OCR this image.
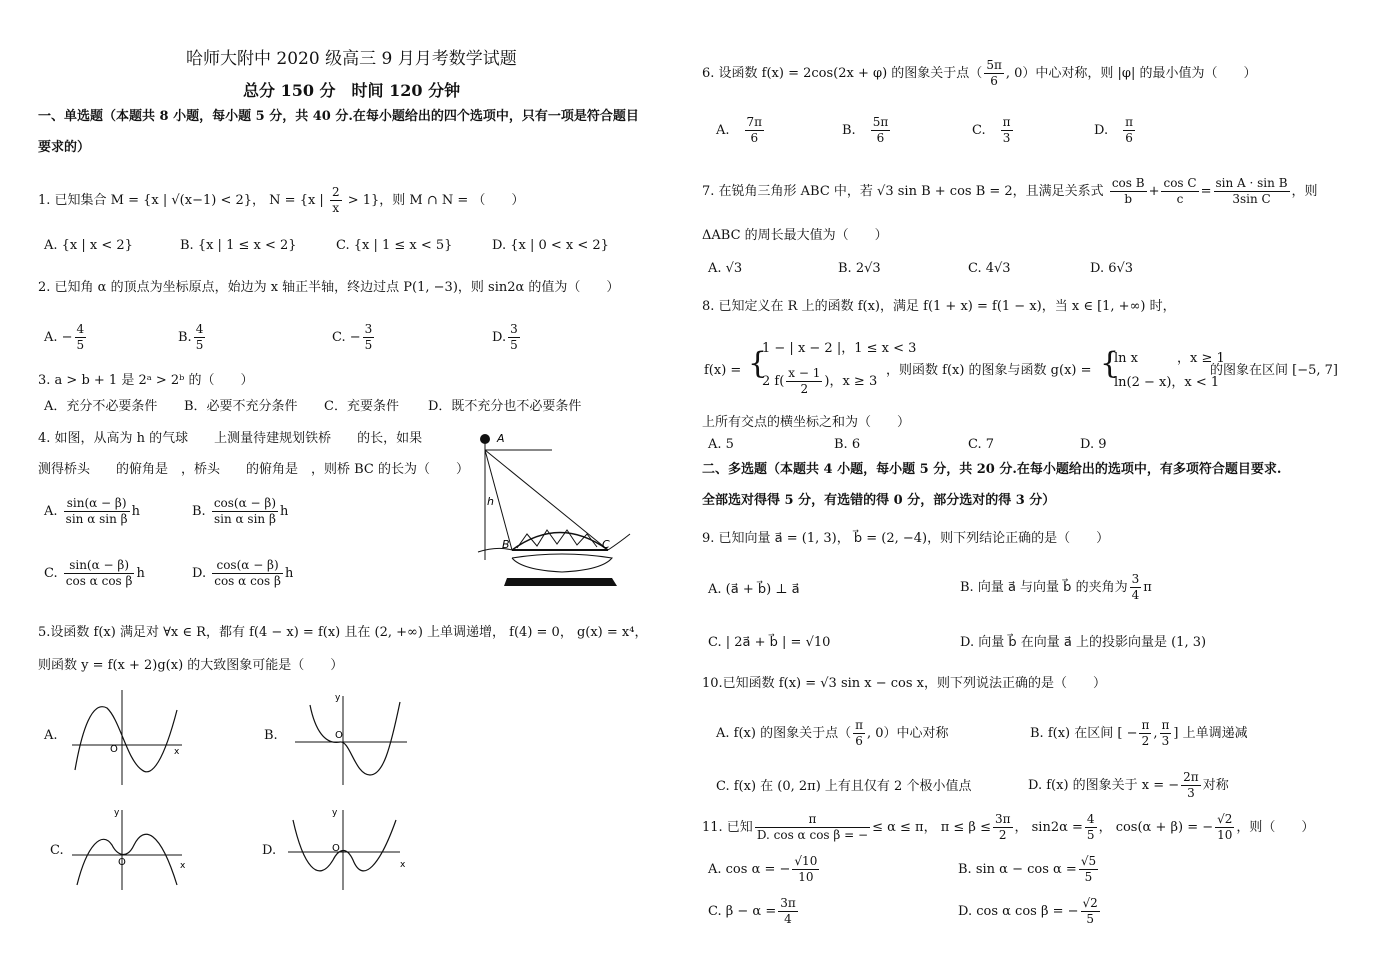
哈师大附中 2020 级高三 9 月月考数学试题
总分 150 分　时间 120 分钟
一、单选题（本题共 8 小题，每小题 5 分，共 40 分.在每小题给出的四个选项中，只有一项是符合题目
要求的）
1. 已知集合 M = {x | √(x−1) < 2}， N = {x | $\frac{2}{x} > 1$}，则 M ∩ N = （　　）
A. {x | x < 2}	B. {x | 1 ≤ x < 2}	C. {x | 1 ≤ x < 5}	D. {x | 0 < x < 2}
2. 已知角 α 的顶点为坐标原点，始边为 x 轴正半轴，终边过点 P(1, −3)，则 sin2α 的值为（　　）
A. − $\frac{4}{5}$	B. $\frac{4}{5}$	C. − $\frac{3}{5}$	D. $\frac{3}{5}$
3. a > b + 1 是 2ᵃ > 2ᵇ 的（　　）
A．充分不必要条件 B．必要不充分条件 C．充要条件 D．既不充分也不必要条件
4. 如图，从高为 h 的气球　　上测量待建规划铁桥　　的长，如果
测得桥头　　的俯角是　，桥头　　的俯角是　，则桥 BC 的长为（　　）
A. $\frac{\sin(\alpha - \beta)}{\text{sin α sin β}}$ h	B. $\frac{\cos(\alpha - \beta)}{\text{sin α sin β}}$ h
C. $\frac{\sin(\alpha - \beta)}{\text{cos α cos β}}$ h	D. $\frac{\cos(\alpha - \beta)}{\text{cos α cos β}}$ h
A
h
B	C
5.设函数 f(x) 满足对 ∀x ∈ R，都有 f(4 − x) = f(x) 且在 (2, +∞) 上单调递增， f(4) = 0， g(x) = x⁴，
则函数 y = f(x + 2)g(x) 的大致图象可能是（　　）
A.
O	x
B.
y
O
C.
y
O	x
D.
y
O
x
6. 设函数 f(x) = 2cos(2x + φ) 的图象关于点（ $\frac{5\pi}{6}$ , 0）中心对称，则 |φ| 的最小值为（　　）
A.　 $\frac{7\pi}{6}$	B.　 $\frac{5\pi}{6}$	C.　 $\frac{\pi}{3}$	D.　 $\frac{\pi}{6}$
7. 在锐角三角形 ABC 中，若 √3 sin B + cos B = 2，且满足关系式 $\frac{\text{cos B}}{b} + \frac{\text{cos C}}{c} = \frac{\text{sin A · sin B}}{\text{3sin C}}$ ，则
ΔABC 的周长最大值为（　　）
A. √3	B. 2√3	C. 4√3	D. 6√3
8. 已知定义在 R 上的函数 f(x)，满足 f(1 + x) = f(1 − x)，当 x ∈ [1, +∞) 时，
f(x) = {
1 − | x − 2 |，1 ≤ x < 3
2 $f( \frac{x - 1}{2}$ )，x ≥ 3
，则函数 f(x) 的图象与函数 g(x) = {
ln x　　　，x ≥ 1
ln(2 − x)，x < 1
的图象在区间 [−5, 7]
上所有交点的横坐标之和为（　　）
A. 5	B. 6	C. 7	D. 9
二、多选题（本题共 4 小题，每小题 5 分，共 20 分.在每小题给出的选项中，有多项符合题目要求.
全部选对得得 5 分，有选错的得 0 分，部分选对的得 3 分）
9. 已知向量 a⃗ = (1, 3)， b⃗ = (2, −4)，则下列结论正确的是（　　）
A. (a⃗ + b⃗) ⊥ a⃗	B. 向量 a⃗ 与向量 b⃗ 的夹角为 $\frac{3}{4}$ π
C. | 2a⃗ + b⃗ | = √10	D. 向量 b⃗ 在向量 a⃗ 上的投影向量是 (1, 3)
10.已知函数 f(x) = √3 sin x − cos x，则下列说法正确的是（　　）
A. f(x) 的图象关于点（ $\frac{\pi}{6}$ , 0）中心对称	B. f(x) 在区间 [ − $\frac{\pi}{2}$ , $\frac{\pi}{3}$ ] 上单调递减
C. f(x) 在 (0, 2π) 上有且仅有 2 个极小值点	D. f(x) 的图象关于 x = − $\frac{2\pi}{3}$ 对称
11. 已知 $\frac{\pi}{\text{D. cos α cos β = −}} \le \alpha \le \pi$， $\pi \le \beta \le \frac{3\pi}{2}$ ， $\sin 2\alpha = \frac{4}{5}$ ， cos(α + β) = − $\frac{√2}{10}$ ，则（　　）
A. cos α = − $\frac{√10}{10}$	B. $\sin \alpha - \cos \alpha = \frac{√5}{5}$
C. $\beta - \alpha = \frac{3\pi}{4}$	D. cos α cos β = − $\frac{√2}{5}$
